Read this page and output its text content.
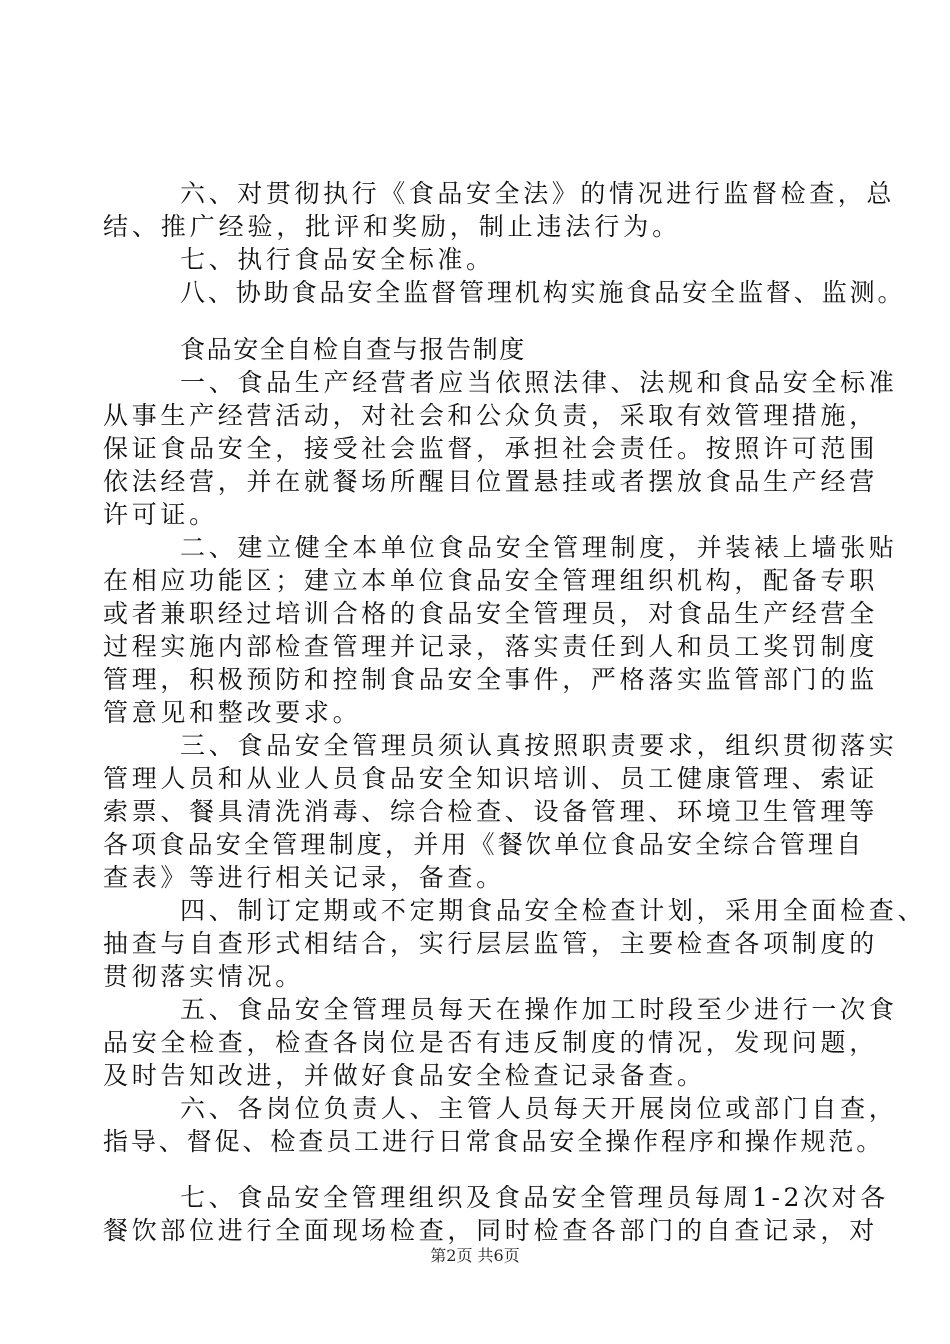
六、对贯彻执行《食品安全法》的情况进行监督检查，总
结、推广经验，批评和奖励，制止违法行为。
七、执行食品安全标准。
八、协助食品安全监督管理机构实施食品安全监督、监测。
食品安全自检自查与报告制度
一、食品生产经营者应当依照法律、法规和食品安全标准
从事生产经营活动，对社会和公众负责，采取有效管理措施，
保证食品安全，接受社会监督，承担社会责任。按照许可范围
依法经营，并在就餐场所醒目位置悬挂或者摆放食品生产经营
许可证。
二、建立健全本单位食品安全管理制度，并装裱上墙张贴
在相应功能区；建立本单位食品安全管理组织机构，配备专职
或者兼职经过培训合格的食品安全管理员，对食品生产经营全
过程实施内部检查管理并记录，落实责任到人和员工奖罚制度
管理，积极预防和控制食品安全事件，严格落实监管部门的监
管意见和整改要求。
三、食品安全管理员须认真按照职责要求，组织贯彻落实
管理人员和从业人员食品安全知识培训、员工健康管理、索证
索票、餐具清洗消毒、综合检查、设备管理、环境卫生管理等
各项食品安全管理制度，并用《餐饮单位食品安全综合管理自
查表》等进行相关记录，备查。
四、制订定期或不定期食品安全检查计划，采用全面检查、
抽查与自查形式相结合，实行层层监管，主要检查各项制度的
贯彻落实情况。
五、食品安全管理员每天在操作加工时段至少进行一次食
品安全检查，检查各岗位是否有违反制度的情况，发现问题，
及时告知改进，并做好食品安全检查记录备查。
六、各岗位负责人、主管人员每天开展岗位或部门自查，
指导、督促、检查员工进行日常食品安全操作程序和操作规范。
七、食品安全管理组织及食品安全管理员每周1-2次对各
餐饮部位进行全面现场检查，同时检查各部门的自查记录，对
第2页 共6页
